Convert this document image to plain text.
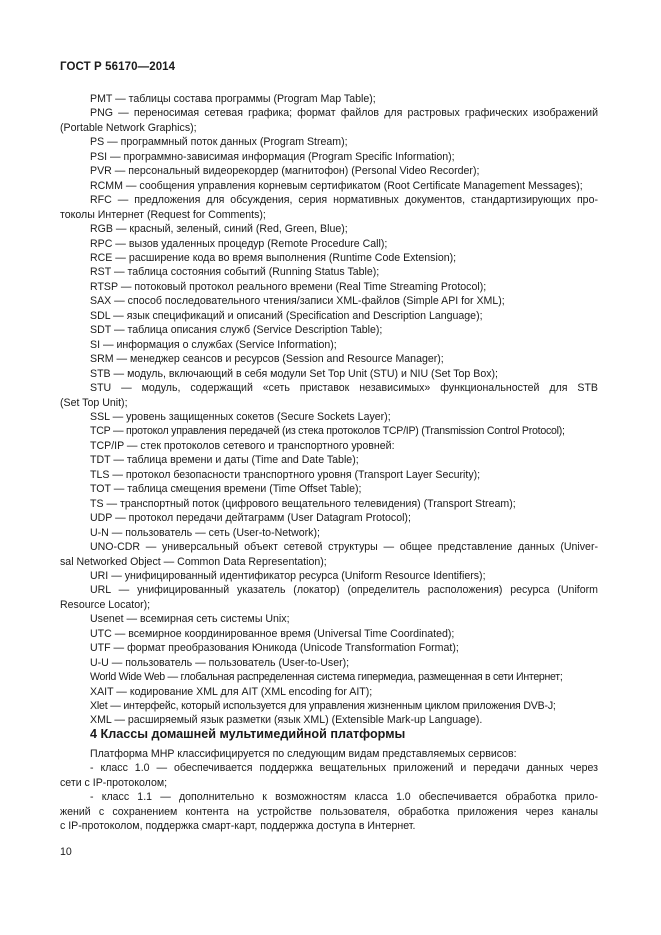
ГОСТ Р 56170—2014

PMT — таблицы состава программы (Program Map Table);

PNG — переносимая сетевая графика; формат файлов для растровых графических изображений

(Portable Network Graphics);

PS — программный поток данных (Program Stream);

PSI — программно-зависимая информация (Program Specific Information);

PVR — персональный видеорекордер (магнитофон) (Personal Video Recorder);

RCMM — сообщения управления корневым сертификатом (Root Certificate Management Messages);

RFC — предложения для обсуждения, серия нормативных документов, стандартизирующих про-

токолы Интернет (Request for Comments);

RGB — красный, зеленый, синий (Red, Green, Blue);

RPC — вызов удаленных процедур (Remote Procedure Call);

RCE — расширение кода во время выполнения (Runtime Code Extension);

RST — таблица состояния событий (Running Status Table);

RTSP — потоковый протокол реального времени (Real Time Streaming Protocol);

SAX — способ последовательного чтения/записи XML-файлов (Simple API for XML);

SDL — язык спецификаций и описаний (Specification and Description Language);

SDT — таблица описания служб (Service Description Table);

SI — информация о службах (Service Information);

SRM — менеджер сеансов и ресурсов (Session and Resource Manager);

STB — модуль, включающий в себя модули Set Top Unit (STU) и NIU (Set Top Box);

STU — модуль, содержащий «сеть приставок независимых» функциональностей для STB

(Set Top Unit);

SSL — уровень защищенных сокетов (Secure Sockets Layer);

TCP — протокол управления передачей (из стека протоколов TCP/IP) (Transmission Control Protocol);

TCP/IP — стек протоколов сетевого и транспортного уровней:

TDT — таблица времени и даты (Time and Date Table);

TLS — протокол безопасности транспортного уровня (Transport Layer Security);

TOT — таблица смещения времени (Time Offset Table);

TS — транспортный поток (цифрового вещательного телевидения) (Transport Stream);

UDP — протокол передачи дейтаграмм (User Datagram Protocol);

U-N — пользователь — сеть (User-to-Network);

UNO-CDR — универсальный объект сетевой структуры — общее представление данных (Univer-

sal Networked Object — Common Data Representation);

URI — унифицированный идентификатор ресурса (Uniform Resource Identifiers);

URL — унифицированный указатель (локатор) (определитель расположения) ресурса (Uniform

Resource Locator);

Usenet — всемирная сеть системы Unix;

UTC — всемирное координированное время (Universal Time Coordinated);

UTF — формат преобразования Юникода (Unicode Transformation Format);

U-U — пользователь — пользователь (User-to-User);

World Wide Web — глобальная распределенная система гипермедиа, размещенная в сети Интернет;

XAIT — кодирование XML для AIT (XML encoding for AIT);

Xlet — интерфейс, который используется для управления жизненным циклом приложения DVB-J;

XML — расширяемый язык разметки (язык XML) (Extensible Mark-up Language).

4 Классы домашней мультимедийной платформы

Платформа МНР классифицируется по следующим видам представляемых сервисов:

- класс 1.0 — обеспечивается поддержка вещательных приложений и передачи данных через

сети с IP-протоколом;

- класс 1.1 — дополнительно к возможностям класса 1.0 обеспечивается обработка прило-

жений с сохранением контента на устройстве пользователя, обработка приложения через каналы

с IP-протоколом, поддержка смарт-карт, поддержка доступа в Интернет.

10
